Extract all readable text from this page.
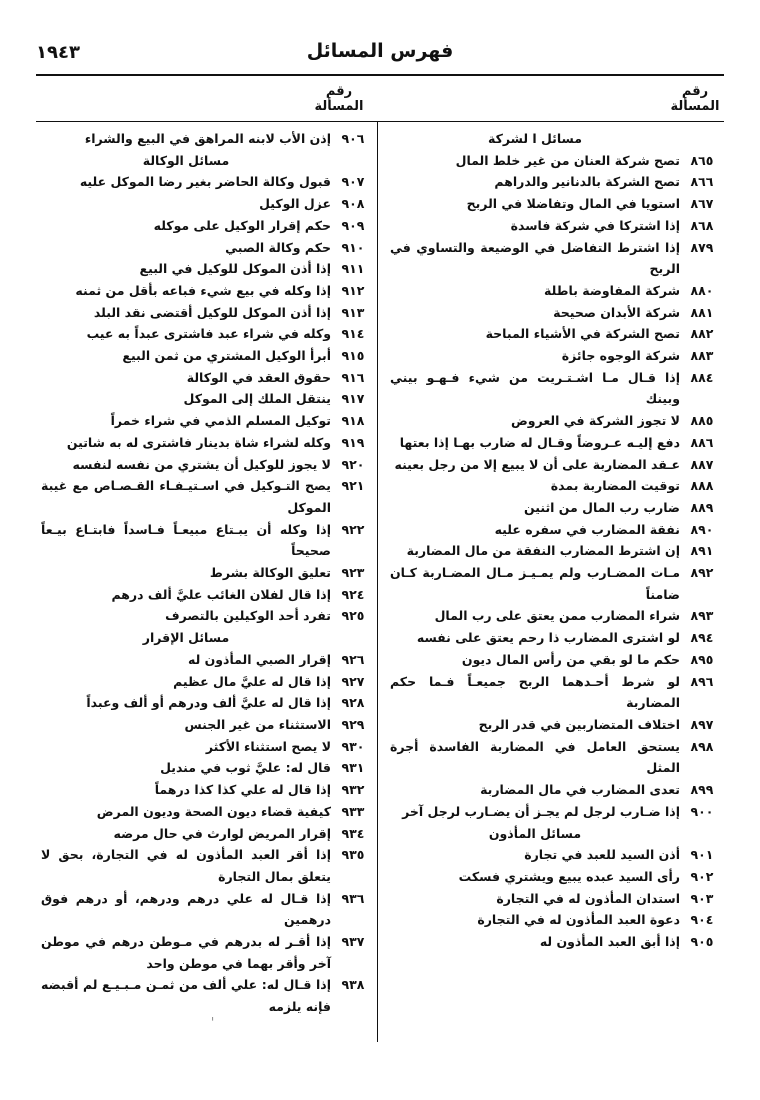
فهرس المسائل
١٩٤٣
رقم
المسألة
رقم
المسألة
مسائل ا لشركة
٨٦٥
تصح شركة العنان من غير خلط المال
٨٦٦
تصح الشركة بالدنانير والدراهم
٨٦٧
استويا في المال وتفاضلا في الربح
٨٦٨
إذا اشتركا في شركة فاسدة
٨٧٩
إذا اشترط التفاضل في الوضيعة والتساوي في الربح
٨٨٠
شركة المفاوضة باطلة
٨٨١
شركة الأبدان صحيحة
٨٨٢
تصح الشركة في الأشياء المباحة
٨٨٣
شركة الوجوه جائزة
٨٨٤
إذا قـال مـا اشـتـريت من شيء فـهـو بيني وبينك
٨٨٥
لا تجوز الشركة في العروض
٨٨٦
دفع إليـه عـروضاً وقـال له ضارب بهـا إذا بعتها
٨٨٧
عـقد المضاربة على أن لا يبيع إلا من رجل بعينه
٨٨٨
توقيت المضاربة بمدة
٨٨٩
ضارب رب المال من اثنين
٨٩٠
نفقة المضارب في سفره عليه
٨٩١
إن اشترط المضارب النفقة من مال المضاربة
٨٩٢
مـات المضـارب ولم يمـيـز مـال المضـاربة كـان ضامناً
٨٩٣
شراء المضارب ممن يعتق على رب المال
٨٩٤
لو اشترى المضارب ذا رحم يعتق على نفسه
٨٩٥
حكم ما لو بقي من رأس المال ديون
٨٩٦
لو شرط أحـدهما الربح جميعـاً فـما حكم المضاربة
٨٩٧
اختلاف المتضاربين في قدر الربح
٨٩٨
يستحق العامل في المضاربة الفاسدة أجرة المثل
٨٩٩
تعدى المضارب في مال المضاربة
٩٠٠
إذا ضـارب لرجل لم يجـز أن يضـارب لرجل آخر
مسائل المأذون
٩٠١
أذن السيد للعبد في تجارة
٩٠٢
رأى السيد عبده يبيع ويشتري فسكت
٩٠٣
استدان المأذون له في التجارة
٩٠٤
دعوة العبد المأذون له في التجارة
٩٠٥
إذا أبق العبد المأذون له
٩٠٦
إذن الأب لابنه المراهق في البيع والشراء
مسائل الوكالة
٩٠٧
قبول وكالة الحاضر بغير رضا الموكل عليه
٩٠٨
عزل الوكيل
٩٠٩
حكم إقرار الوكيل على موكله
٩١٠
حكم وكالة الصبي
٩١١
إذا أذن الموكل للوكيل في البيع
٩١٢
إذا وكله في بيع شيء فباعه بأقل من ثمنه
٩١٣
إذا أذن الموكل للوكيل أقتضى نقد البلد
٩١٤
وكله في شراء عبد فاشترى عبداً به عيب
٩١٥
أبرأ الوكيل المشتري من ثمن البيع
٩١٦
حقوق العقد في الوكالة
٩١٧
ينتقل الملك إلى الموكل
٩١٨
توكيل المسلم الذمي في شراء خمراً
٩١٩
وكله لشراء شاة بدينار فاشترى له به شاتين
٩٢٠
لا يجوز للوكيل أن يشتري من نفسه لنفسه
٩٢١
يصح التـوكيل في اسـتيـفـاء القـصـاص مع غيبة الموكل
٩٢٢
إذا وكله أن يبـتاع مبيعـاً فـاسداً فابتـاع بيـعاً صحيحاً
٩٢٣
تعليق الوكالة بشرط
٩٢٤
إذا قال لفلان الغائب عليَّ ألف درهم
٩٢٥
تفرد أحد الوكيلين بالتصرف
مسائل الإقرار
٩٢٦
إقرار الصبي المأذون له
٩٢٧
إذا قال له عليَّ مال عظيم
٩٢٨
إذا قال له عليَّ ألف ودرهم أو ألف وعبداً
٩٢٩
الاستثناء من غير الجنس
٩٣٠
لا يصح استثناء الأكثر
٩٣١
قال له: عليَّ ثوب في منديل
٩٣٢
إذا قال له علي كذا كذا درهماً
٩٣٣
كيفية قضاء ديون الصحة وديون المرض
٩٣٤
إقرار المريض لوارث في حال مرضه
٩٣٥
إذا أقر العبد المأذون له في التجارة، بحق لا يتعلق بمال التجارة
٩٣٦
إذا قـال له علي درهم ودرهم، أو درهم فوق درهمين
٩٣٧
إذا أقـر له بدرهم في مـوطن درهم في موطن آخر وأقر بهما في موطن واحد
٩٣٨
إذا قـال له: علي ألف من ثمـن مـبـيـع لم أقبضه فإنه يلزمه
ᵎ
